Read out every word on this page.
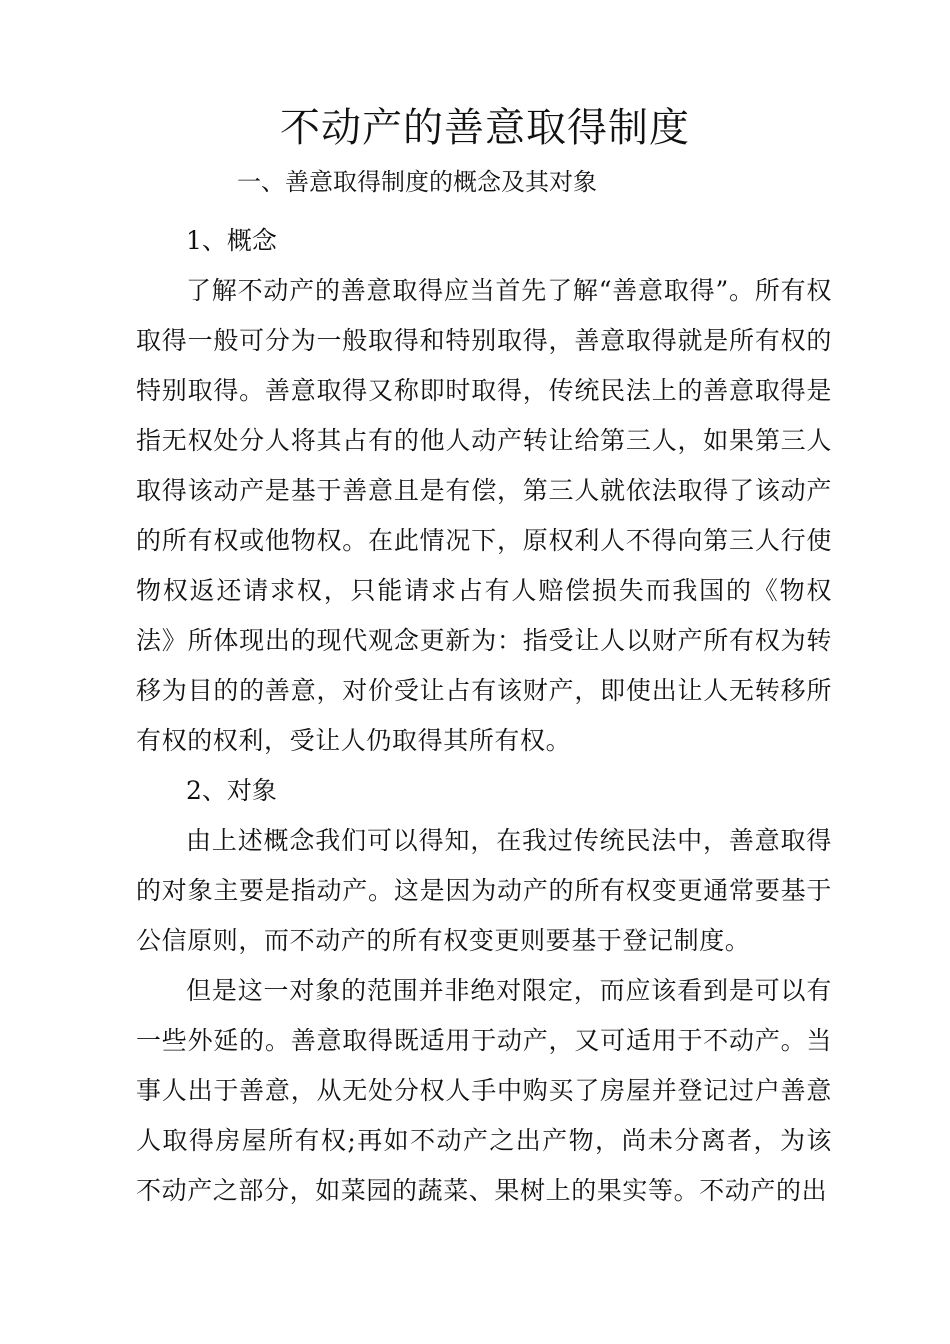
不动产的善意取得制度
一、善意取得制度的概念及其对象
1、概念

了解不动产的善意取得应当首先了解“善意取得”。所有权取得一般可分为一般取得和特别取得，善意取得就是所有权的特别取得。善意取得又称即时取得，传统民法上的善意取得是指无权处分人将其占有的他人动产转让给第三人，如果第三人取得该动产是基于善意且是有偿，第三人就依法取得了该动产的所有权或他物权。在此情况下，原权利人不得向第三人行使物权返还请求权，只能请求占有人赔偿损失而我国的《物权法》所体现出的现代观念更新为：指受让人以财产所有权为转移为目的的善意，对价受让占有该财产，即使出让人无转移所有权的权利，受让人仍取得其所有权。

2、对象

由上述概念我们可以得知，在我过传统民法中，善意取得的对象主要是指动产。这是因为动产的所有权变更通常要基于公信原则，而不动产的所有权变更则要基于登记制度。

但是这一对象的范围并非绝对限定，而应该看到是可以有一些外延的。善意取得既适用于动产，又可适用于不动产。当事人出于善意，从无处分权人手中购买了房屋并登记过户善意人取得房屋所有权;再如不动产之出产物，尚未分离者，为该不动产之部分，如菜园的蔬菜、果树上的果实等。不动产的出
